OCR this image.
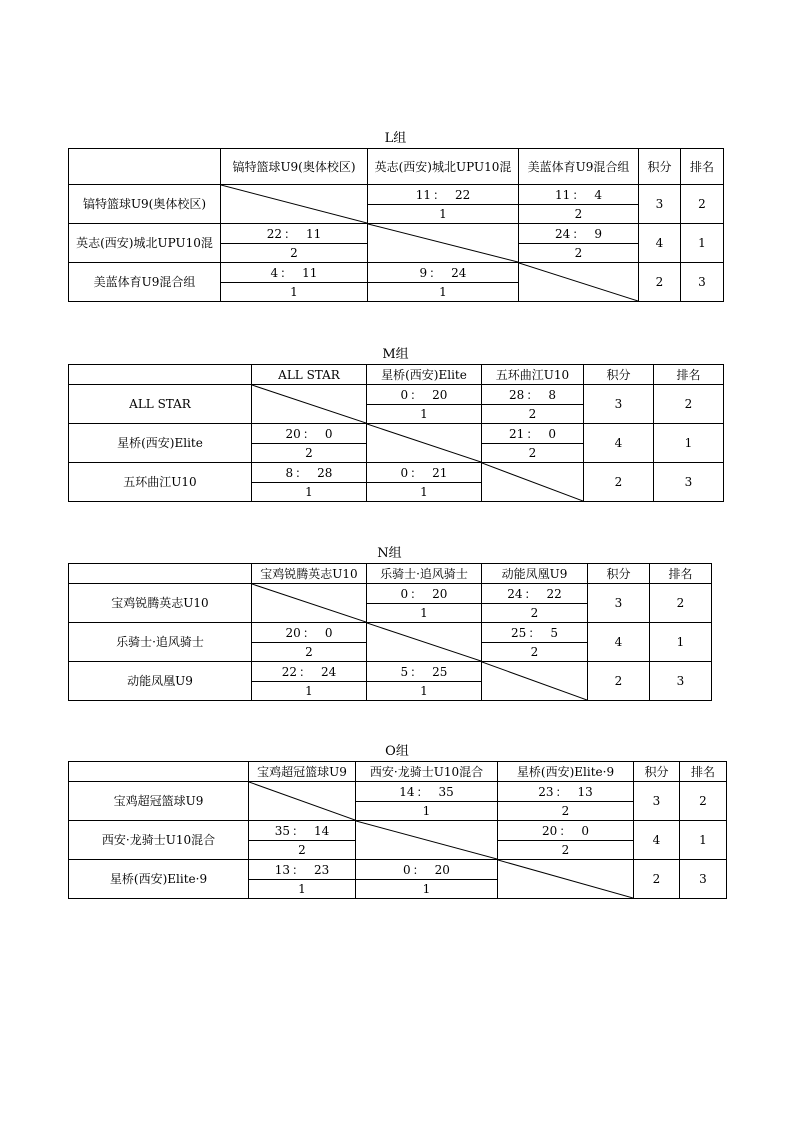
L组
	镐特篮球U9(奥体校区)	英志(西安)城北UPU10混	美蓝体育U9混合组	积分	排名
镐特篮球U9(奥体校区)		11 ： 22	11 ： 4	3	2
		1	2		
英志(西安)城北UPU10混	22 ： 11		24 ： 9	4	1
	2		2		
美蓝体育U9混合组	4 ： 11	9 ： 24		2	3
	1	1			
M组
	ALL STAR	星桥(西安)Elite	五环曲江U10	积分	排名
ALL STAR		0 ： 20	28 ： 8	3	2
		1	2		
星桥(西安)Elite	20 ： 0		21 ： 0	4	1
	2		2		
五环曲江U10	8 ： 28	0 ： 21		2	3
	1	1			
N组
	宝鸡锐腾英志U10	乐骑士·追风骑士	动能凤凰U9	积分	排名
宝鸡锐腾英志U10		0 ： 20	24 ： 22	3	2
		1	2		
乐骑士·追风骑士	20 ： 0		25 ： 5	4	1
	2		2		
动能凤凰U9	22 ： 24	5 ： 25		2	3
	1	1			
O组
	宝鸡超冠篮球U9	西安·龙骑士U10混合	星桥(西安)Elite·9	积分	排名
宝鸡超冠篮球U9		14 ： 35	23 ： 13	3	2
		1	2		
西安·龙骑士U10混合	35 ： 14		20 ： 0	4	1
	2		2		
星桥(西安)Elite·9	13 ： 23	0 ： 20		2	3
	1	1			
